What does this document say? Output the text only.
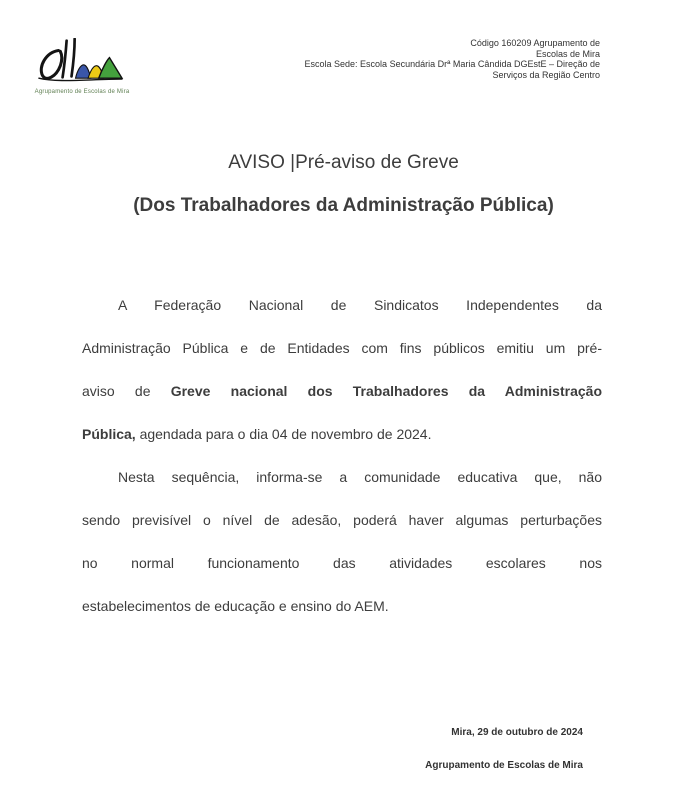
Agrupamento de Escolas de Mira
Código 160209 Agrupamento de
Escolas de Mira
Escola Sede: Escola Secundária Drª Maria Cândida DGEstE – Direção de
Serviços da Região Centro
AVISO |Pré-aviso de Greve
(Dos Trabalhadores da Administração Pública)
A Federação Nacional de Sindicatos Independentes da
Administração Pública e de Entidades com fins públicos emitiu um pré-
aviso de Greve nacional dos Trabalhadores da Administração
Pública, agendada para o dia 04 de novembro de 2024.
Nesta sequência, informa-se a comunidade educativa que, não
sendo previsível o nível de adesão, poderá haver algumas perturbações
no normal funcionamento das atividades escolares nos
estabelecimentos de educação e ensino do AEM.
Mira, 29 de outubro de 2024
Agrupamento de Escolas de Mira
